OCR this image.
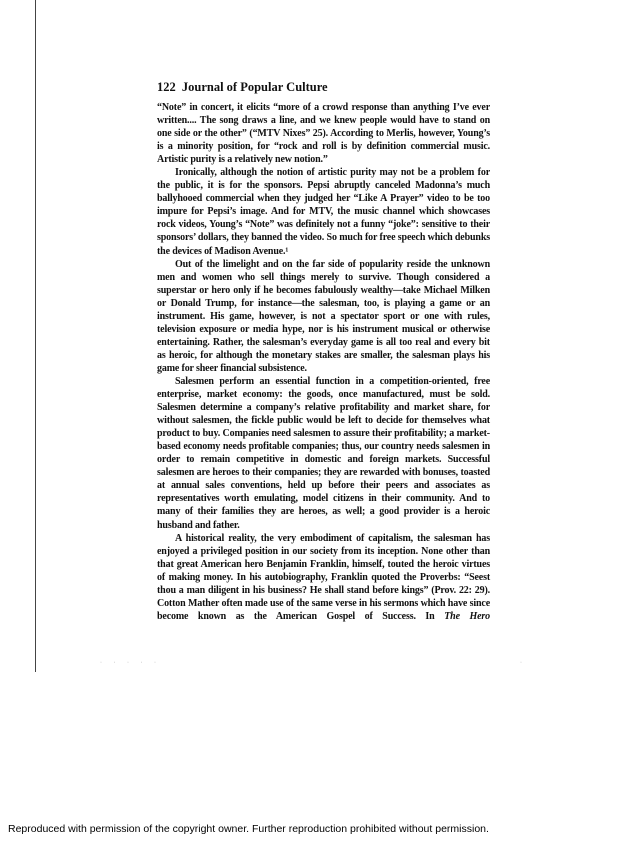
122 Journal of Popular Culture

“Note” in concert, it elicits “more of a crowd response than anything I’ve ever written.... The song draws a line, and we knew people would have to stand on one side or the other” (“MTV Nixes” 25). According to Merlis, however, Young’s is a minority position, for “rock and roll is by definition commercial music. Artistic purity is a relatively new notion.”

Ironically, although the notion of artistic purity may not be a problem for the public, it is for the sponsors. Pepsi abruptly canceled Madonna’s much ballyhooed commercial when they judged her “Like A Prayer” video to be too impure for Pepsi’s image. And for MTV, the music channel which showcases rock videos, Young’s “Note” was definitely not a funny “joke”: sensitive to their sponsors’ dollars, they banned the video. So much for free speech which debunks the devices of Madison Avenue.¹

Out of the limelight and on the far side of popularity reside the unknown men and women who sell things merely to survive. Though considered a superstar or hero only if he becomes fabulously wealthy—take Michael Milken or Donald Trump, for instance—the salesman, too, is playing a game or an instrument. His game, however, is not a spectator sport or one with rules, television exposure or media hype, nor is his instrument musical or otherwise entertaining. Rather, the salesman’s everyday game is all too real and every bit as heroic, for although the monetary stakes are smaller, the salesman plays his game for sheer financial subsistence.

Salesmen perform an essential function in a competition-oriented, free enterprise, market economy: the goods, once manufactured, must be sold. Salesmen determine a company’s relative profitability and market share, for without salesmen, the fickle public would be left to decide for themselves what product to buy. Companies need salesmen to assure their profitability; a market-based economy needs profitable companies; thus, our country needs salesmen in order to remain competitive in domestic and foreign markets. Successful salesmen are heroes to their companies; they are rewarded with bonuses, toasted at annual sales conventions, held up before their peers and associates as representatives worth emulating, model citizens in their community. And to many of their families they are heroes, as well; a good provider is a heroic husband and father.

A historical reality, the very embodiment of capitalism, the salesman has enjoyed a privileged position in our society from its inception. None other than that great American hero Benjamin Franklin, himself, touted the heroic virtues of making money. In his autobiography, Franklin quoted the Proverbs: “Seest thou a man diligent in his business? He shall stand before kings” (Prov. 22: 29). Cotton Mather often made use of the same verse in his sermons which have since become known as the American Gospel of Success. In The Hero

· · · · ·	·
Reproduced with permission of the copyright owner. Further reproduction prohibited without permission.
